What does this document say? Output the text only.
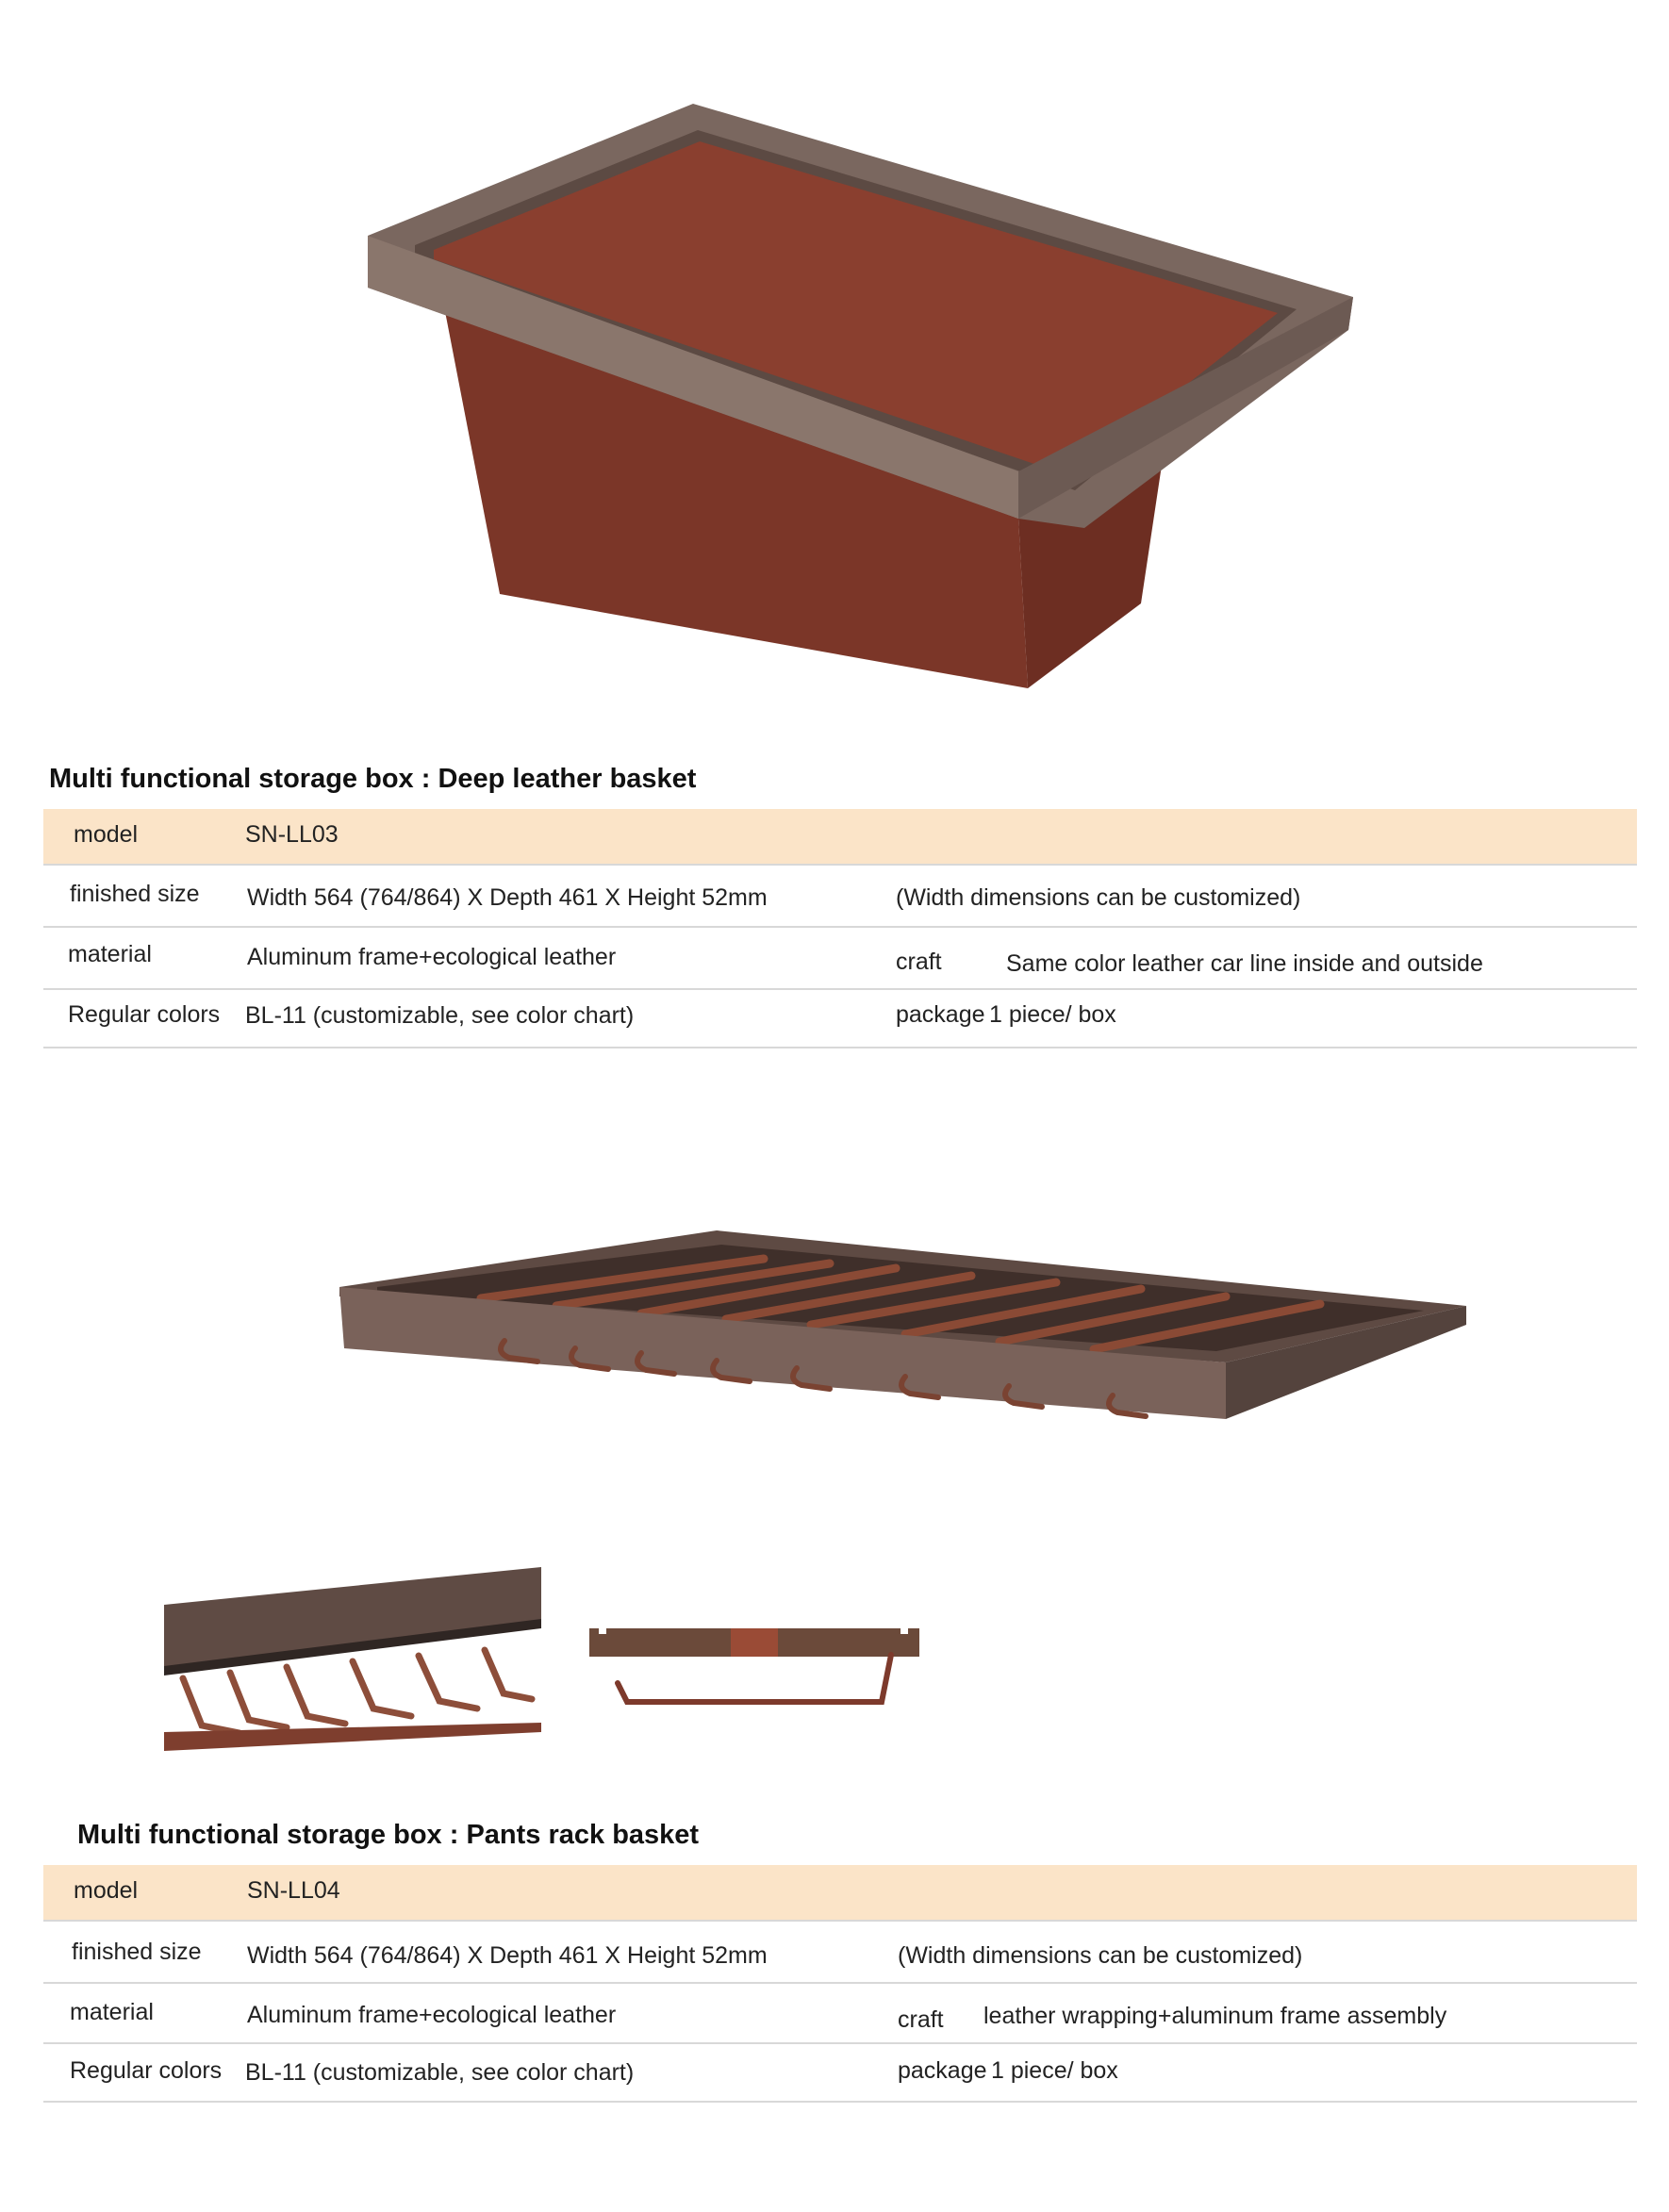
Multi functional storage box : Deep leather basket
model	SN-LL03
finished size Width 564 (764/864) X Depth 461 X Height 52mm	(Width dimensions can be customized)
material	Aluminum frame+ecological leather	craft	Same color leather car line inside and outside
Regular colors BL-11 (customizable, see color chart)	package 1 piece/ box
Multi functional storage box : Pants rack basket
model	SN-LL04
finished size Width 564 (764/864) X Depth 461 X Height 52mm	(Width dimensions can be customized)
material	Aluminum frame+ecological leather	craft leather wrapping+aluminum frame assembly
Regular colors BL-11 (customizable, see color chart)	package 1 piece/ box
